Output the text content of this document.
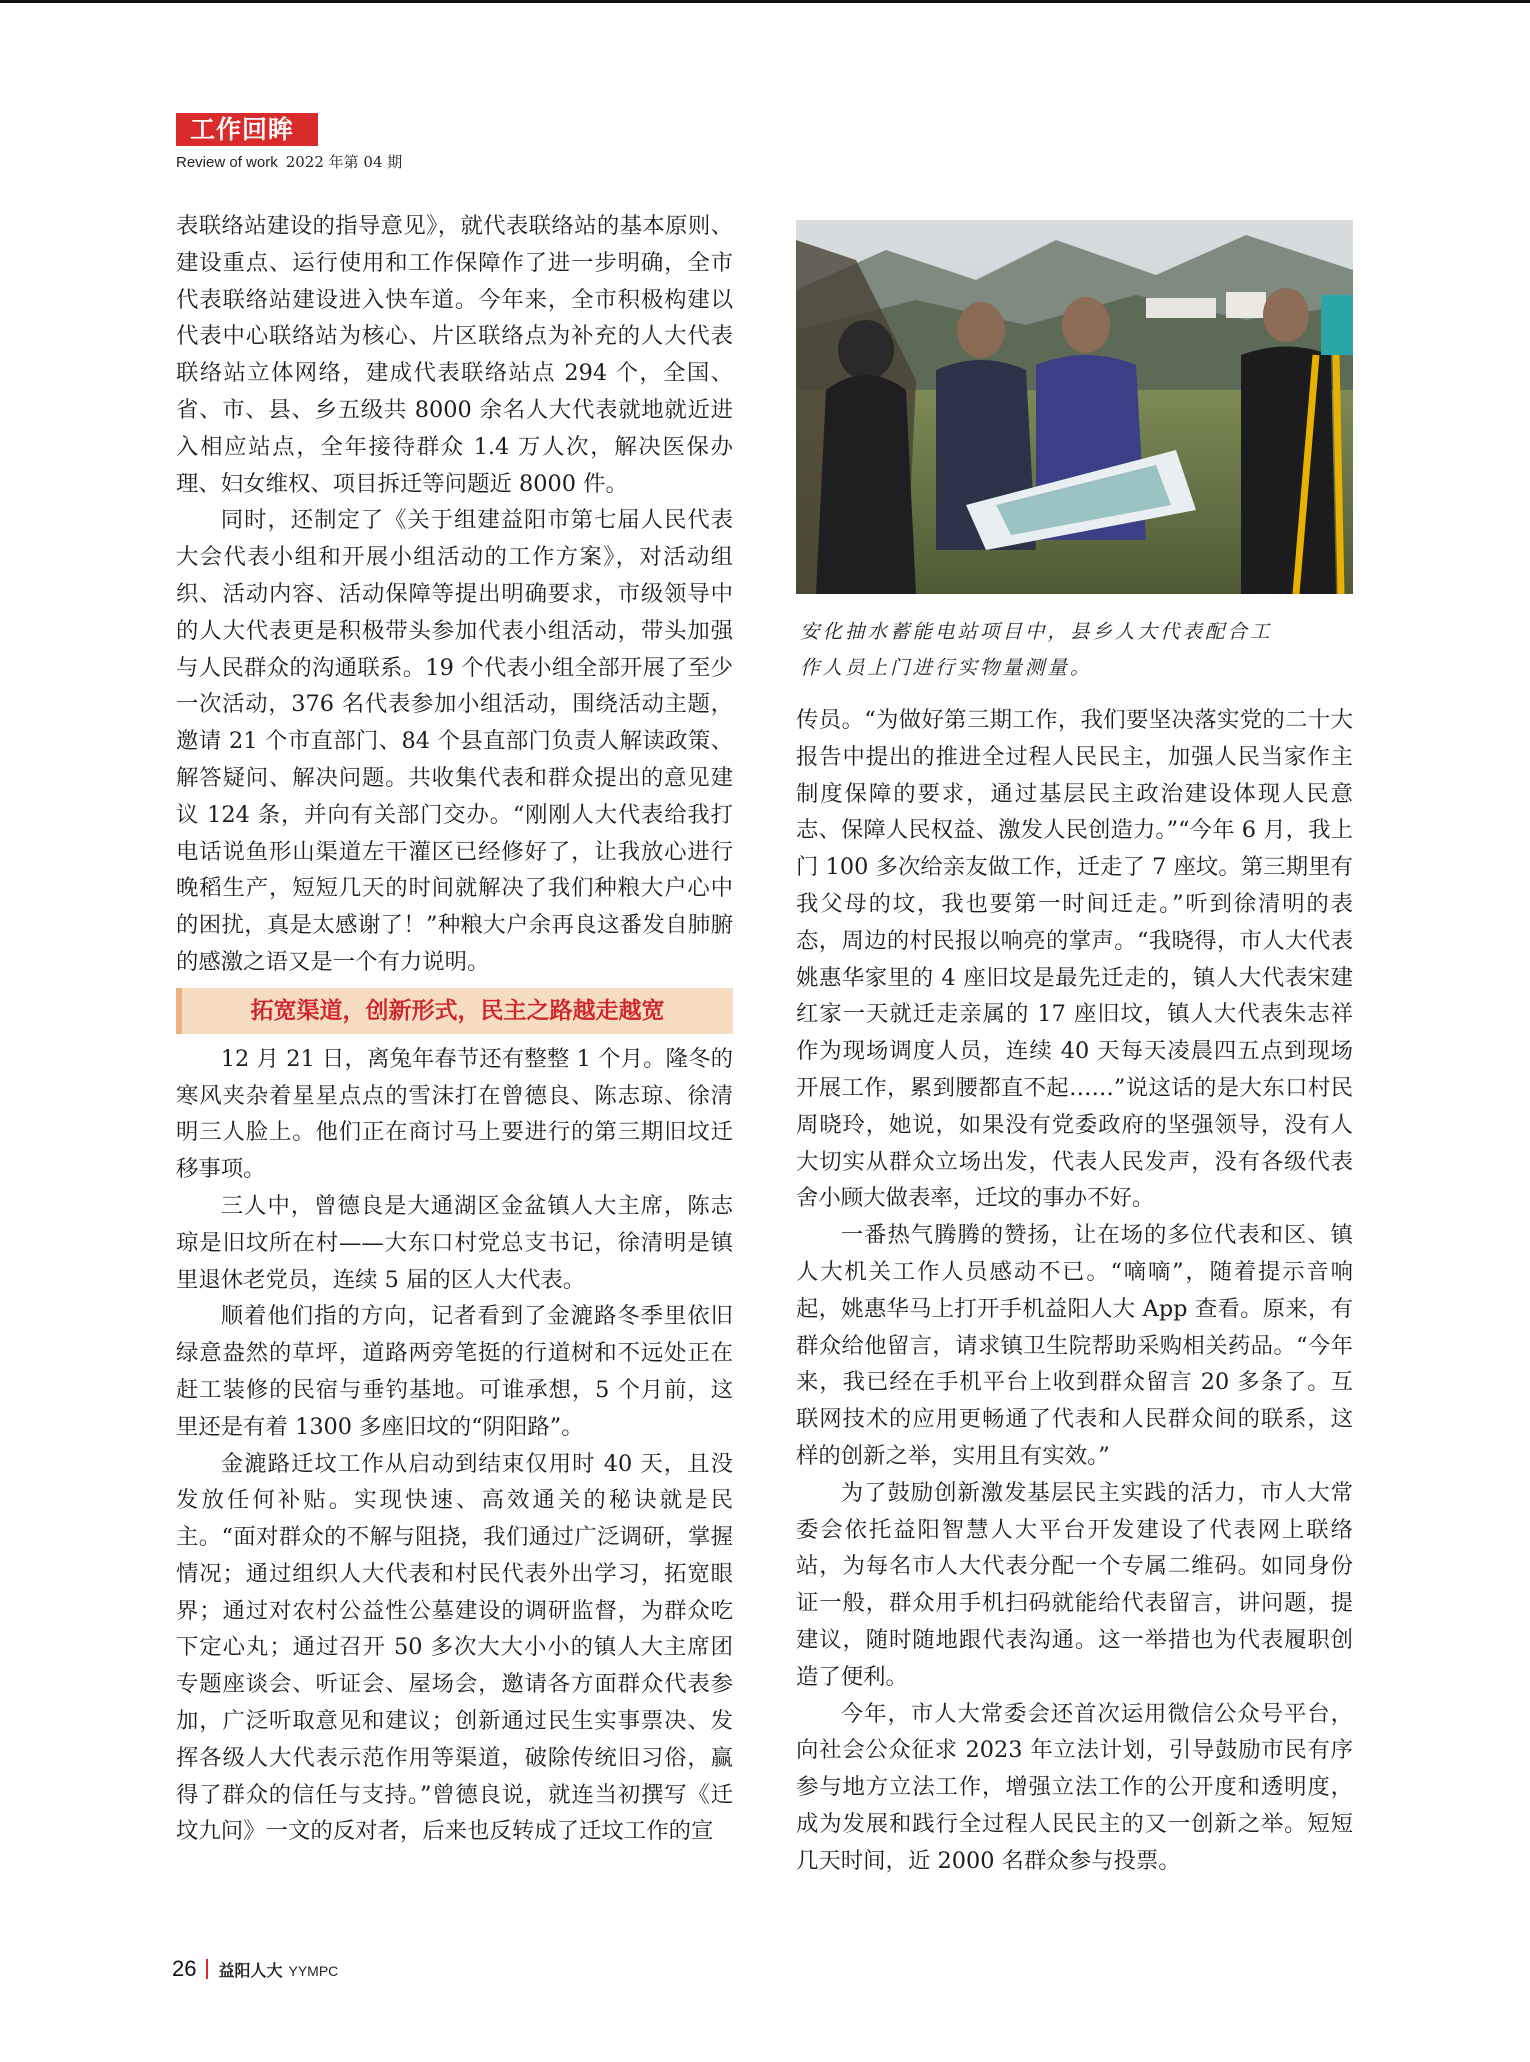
工作回眸
Review of work 2022 年第 04 期

表联络站建设的指导意见》，就代表联络站的基本原则、建设重点、运行使用和工作保障作了进一步明确，全市代表联络站建设进入快车道。今年来，全市积极构建以代表中心联络站为核心、片区联络点为补充的人大代表联络站立体网络，建成代表联络站点 294 个，全国、省、市、县、乡五级共 8000 余名人大代表就地就近进入相应站点，全年接待群众 1.4 万人次，解决医保办理、妇女维权、项目拆迁等问题近 8000 件。

同时，还制定了《关于组建益阳市第七届人民代表大会代表小组和开展小组活动的工作方案》，对活动组织、活动内容、活动保障等提出明确要求，市级领导中的人大代表更是积极带头参加代表小组活动，带头加强与人民群众的沟通联系。19 个代表小组全部开展了至少一次活动，376 名代表参加小组活动，围绕活动主题，邀请 21 个市直部门、84 个县直部门负责人解读政策、解答疑问、解决问题。共收集代表和群众提出的意见建议 124 条，并向有关部门交办。“刚刚人大代表给我打电话说鱼形山渠道左干灌区已经修好了，让我放心进行晚稻生产，短短几天的时间就解决了我们种粮大户心中的困扰，真是太感谢了！”种粮大户余再良这番发自肺腑的感激之语又是一个有力说明。

拓宽渠道，创新形式，民主之路越走越宽

12 月 21 日，离兔年春节还有整整 1 个月。隆冬的寒风夹杂着星星点点的雪沫打在曾德良、陈志琼、徐清明三人脸上。他们正在商讨马上要进行的第三期旧坟迁移事项。

三人中，曾德良是大通湖区金盆镇人大主席，陈志琼是旧坟所在村——大东口村党总支书记，徐清明是镇里退休老党员，连续 5 届的区人大代表。

顺着他们指的方向，记者看到了金漉路冬季里依旧绿意盎然的草坪，道路两旁笔挺的行道树和不远处正在赶工装修的民宿与垂钓基地。可谁承想，5 个月前，这里还是有着 1300 多座旧坟的“阴阳路”。

金漉路迁坟工作从启动到结束仅用时 40 天，且没发放任何补贴。实现快速、高效通关的秘诀就是民主。“面对群众的不解与阻挠，我们通过广泛调研，掌握情况；通过组织人大代表和村民代表外出学习，拓宽眼界；通过对农村公益性公墓建设的调研监督，为群众吃下定心丸；通过召开 50 多次大大小小的镇人大主席团专题座谈会、听证会、屋场会，邀请各方面群众代表参加，广泛听取意见和建议；创新通过民生实事票决、发挥各级人大代表示范作用等渠道，破除传统旧习俗，赢得了群众的信任与支持。”曾德良说，就连当初撰写《迁坟九问》一文的反对者，后来也反转成了迁坟工作的宣

安化抽水蓄能电站项目中，县乡人大代表配合工
作人员上门进行实物量测量。

传员。“为做好第三期工作，我们要坚决落实党的二十大报告中提出的推进全过程人民民主，加强人民当家作主制度保障的要求，通过基层民主政治建设体现人民意志、保障人民权益、激发人民创造力。”“今年 6 月，我上门 100 多次给亲友做工作，迁走了 7 座坟。第三期里有我父母的坟，我也要第一时间迁走。”听到徐清明的表态，周边的村民报以响亮的掌声。“我晓得，市人大代表姚惠华家里的 4 座旧坟是最先迁走的，镇人大代表宋建红家一天就迁走亲属的 17 座旧坟，镇人大代表朱志祥作为现场调度人员，连续 40 天每天凌晨四五点到现场开展工作，累到腰都直不起……”说这话的是大东口村民周晓玲，她说，如果没有党委政府的坚强领导，没有人大切实从群众立场出发，代表人民发声，没有各级代表舍小顾大做表率，迁坟的事办不好。

一番热气腾腾的赞扬，让在场的多位代表和区、镇人大机关工作人员感动不已。“嘀嘀”，随着提示音响起，姚惠华马上打开手机益阳人大 App 查看。原来，有群众给他留言，请求镇卫生院帮助采购相关药品。“今年来，我已经在手机平台上收到群众留言 20 多条了。互联网技术的应用更畅通了代表和人民群众间的联系，这样的创新之举，实用且有实效。”

为了鼓励创新激发基层民主实践的活力，市人大常委会依托益阳智慧人大平台开发建设了代表网上联络站，为每名市人大代表分配一个专属二维码。如同身份证一般，群众用手机扫码就能给代表留言，讲问题，提建议，随时随地跟代表沟通。这一举措也为代表履职创造了便利。

今年，市人大常委会还首次运用微信公众号平台，向社会公众征求 2023 年立法计划，引导鼓励市民有序参与地方立法工作，增强立法工作的公开度和透明度，成为发展和践行全过程人民民主的又一创新之举。短短几天时间，近 2000 名群众参与投票。

26 益阳人大 YYMPC
